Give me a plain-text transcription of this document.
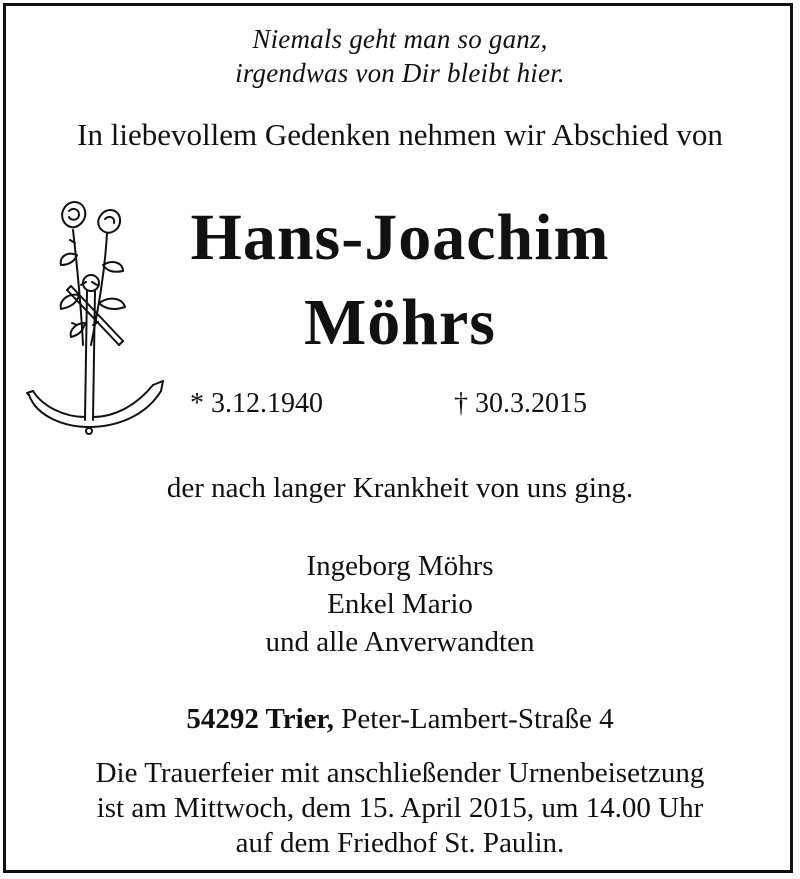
Niemals geht man so ganz,
irgendwas von Dir bleibt hier.
In liebevollem Gedenken nehmen wir Abschied von
Hans-Joachim
Möhrs
* 3.12.1940	† 30.3.2015
der nach langer Krankheit von uns ging.
Ingeborg Möhrs
Enkel Mario
und alle Anverwandten
54292 Trier, Peter-Lambert-Straße 4
Die Trauerfeier mit anschließender Urnenbeisetzung
ist am Mittwoch, dem 15. April 2015, um 14.00 Uhr
auf dem Friedhof St. Paulin.
